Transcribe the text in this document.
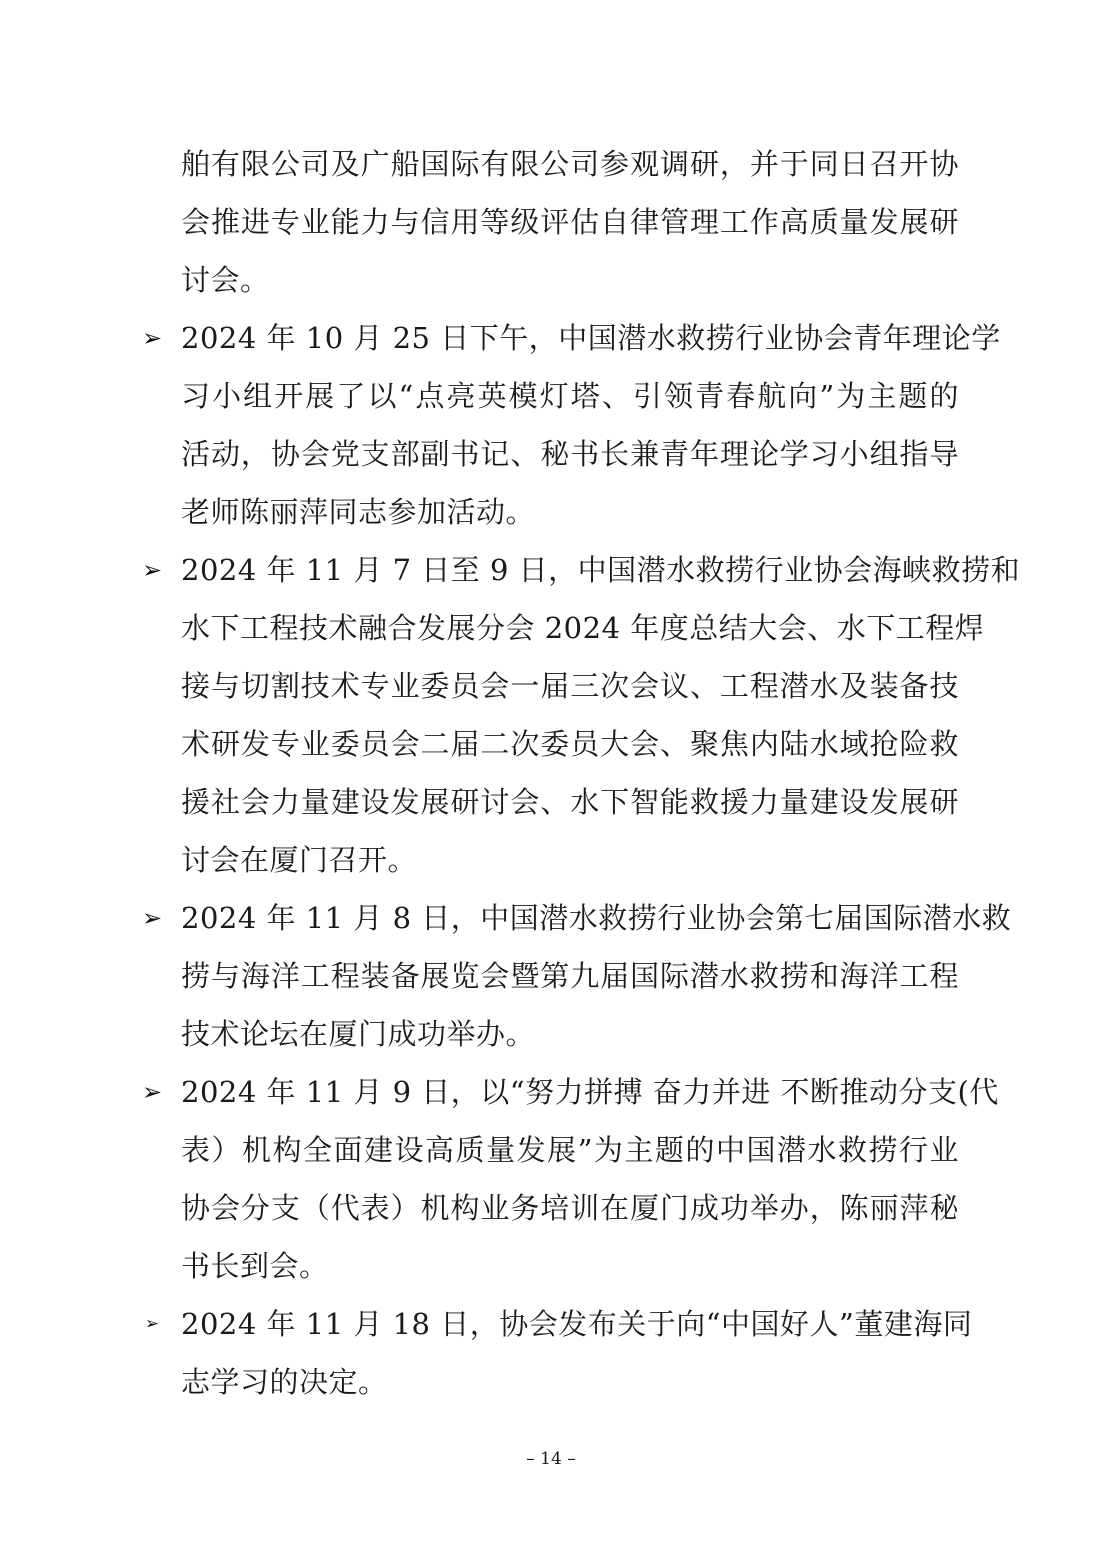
舶有限公司及广船国际有限公司参观调研，并于同日召开协
会推进专业能力与信用等级评估自律管理工作高质量发展研
讨会。
➢ 2024 年 10 月 25 日下午，中国潜水救捞行业协会青年理论学
习小组开展了以“点亮英模灯塔、引领青春航向”为主题的
活动，协会党支部副书记、秘书长兼青年理论学习小组指导
老师陈丽萍同志参加活动。
➢ 2024 年 11 月 7 日至 9 日，中国潜水救捞行业协会海峡救捞和
水下工程技术融合发展分会 2024 年度总结大会、水下工程焊
接与切割技术专业委员会一届三次会议、工程潜水及装备技
术研发专业委员会二届二次委员大会、聚焦内陆水域抢险救
援社会力量建设发展研讨会、水下智能救援力量建设发展研
讨会在厦门召开。
➢ 2024 年 11 月 8 日，中国潜水救捞行业协会第七届国际潜水救
捞与海洋工程装备展览会暨第九届国际潜水救捞和海洋工程
技术论坛在厦门成功举办。
➢ 2024 年 11 月 9 日，以“努力拼搏 奋力并进 不断推动分支(代
表）机构全面建设高质量发展”为主题的中国潜水救捞行业
协会分支（代表）机构业务培训在厦门成功举办，陈丽萍秘
书长到会。
➢ 2024 年 11 月 18 日，协会发布关于向“中国好人”董建海同
志学习的决定。
– 14 –
